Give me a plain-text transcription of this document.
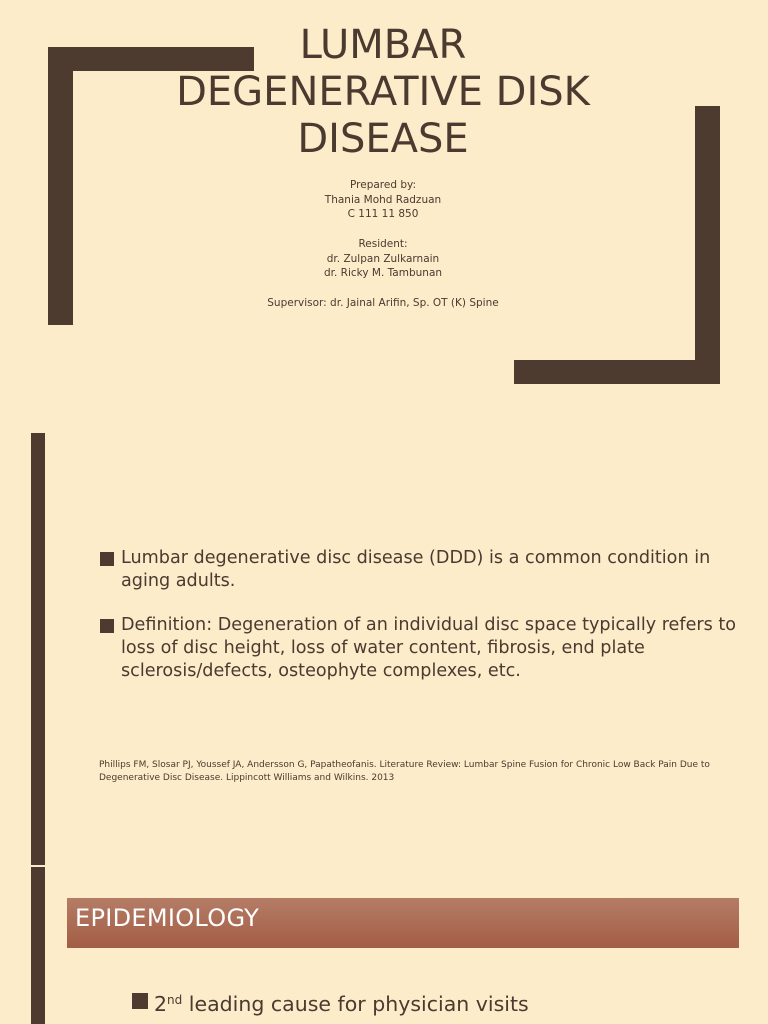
LUMBAR
DEGENERATIVE DISK
DISEASE
Prepared by:
Thania Mohd Radzuan
C 111 11 850
Resident:
dr. Zulpan Zulkarnain
dr. Ricky M. Tambunan
Supervisor: dr. Jainal Arifin, Sp. OT (K) Spine
Lumbar degenerative disc disease (DDD) is a common condition in aging adults.
Definition: Degeneration of an individual disc space typically refers to loss of disc height, loss of water content, fibrosis, end plate sclerosis/defects, osteophyte complexes, etc.
Phillips FM, Slosar PJ, Youssef JA, Andersson G, Papatheofanis. Literature Review: Lumbar Spine Fusion for Chronic Low Back Pain Due to Degenerative Disc Disease. Lippincott Williams and Wilkins. 2013
EPIDEMIOLOGY
2nd leading cause for physician visits
